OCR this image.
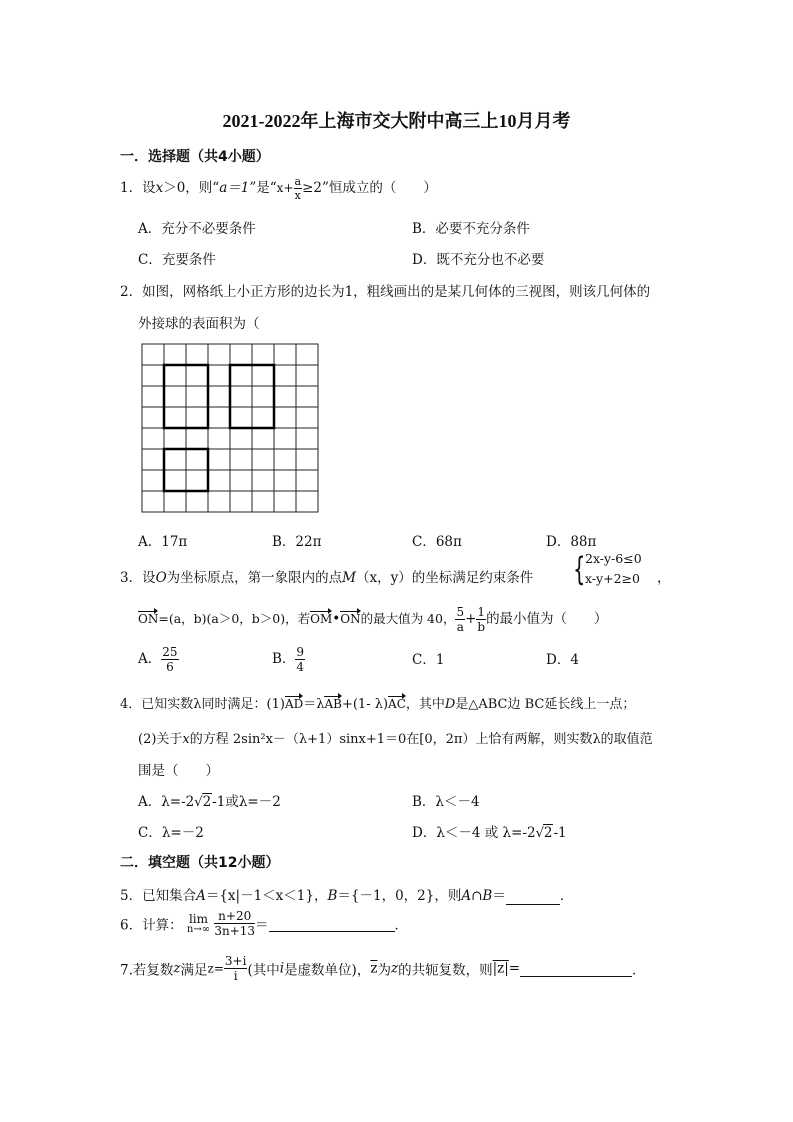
2021-2022年上海市交大附中高三上10月月考
一．选择题（共4小题）
1．设x＞0，则“a＝1”是“$x+ \frac{a}{x} \ge 2$”恒成立的（　　）
A．充分不必要条件	B．必要不充分条件
C．充要条件	D．既不充分也不必要
2．如图，网格纸上小正方形的边长为1，粗线画出的是某几何体的三视图，则该几何体的
外接球的表面积为（
A．17π	B．22π	C．68π	D．88π
3．设O为坐标原点，第一象限内的点M（x，y）的坐标满足约束条件 { 2x-y-6≤0
x-y+2≥0 ，
ON=(a，b)(a＞0，b＞0)，若OM•ON的最大值为 40， $\frac{5}{a} + \frac{1}{b}$ 的最小值为（　　）
A． $\frac{25}{6}$	B． $\frac{9}{4}$	C．1	D．4
4．已知实数λ同时满足：(1)AD＝λAB+(1- λ)AC，其中D是△ABC边 BC延长线上一点；
(2)关于x的方程 2sin²x－（λ+1）sinx+1＝0在[0，2π）上恰有两解，则实数λ的取值范
围是（　　）
A．λ=-2√2-1或λ=－2	B．λ＜－4
C．λ=－2	D．λ＜－4 或 λ=-2√2-1
二．填空题（共12小题）
5．已知集合A＝{x|－1＜x＜1}，B＝{－1，0，2}，则A∩B＝	．
6．计算： lim
n→∞
$\frac{n+20}{3n+13}$ ＝	．
7.若复数z满足$z= \frac{3+i}{i}$ (其中i是虚数单位)，$\overline{z}$为z的共轭复数，则|z|=	．
